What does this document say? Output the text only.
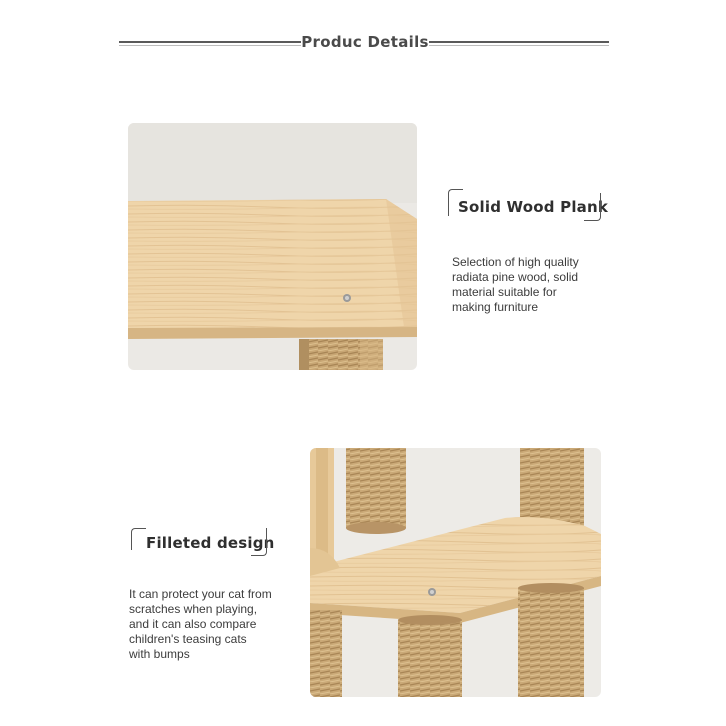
Produc Details
Solid Wood Plank
Selection of high quality
radiata pine wood, solid
material suitable for
making furniture
Filleted design
It can protect your cat from
scratches when playing,
and it can also compare
children's teasing cats
with bumps
